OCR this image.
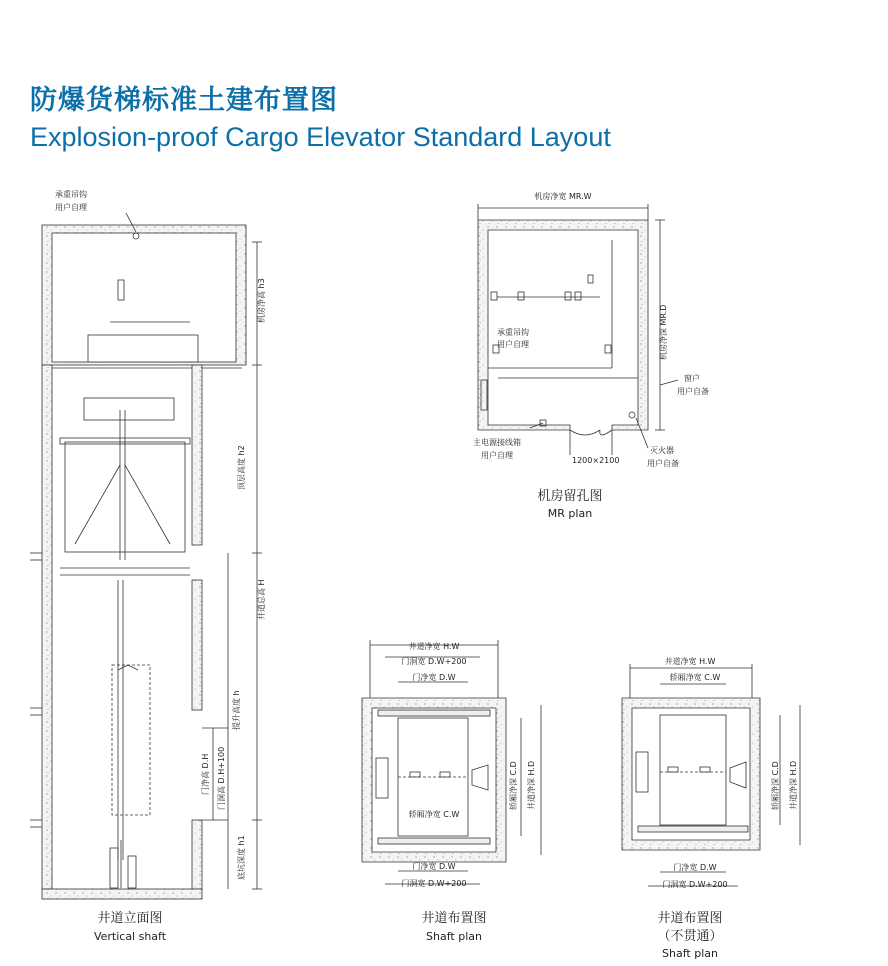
防爆货梯标准土建布置图
Explosion-proof Cargo Elevator Standard Layout
承重吊钩
用户自理
机房净高 h3
顶层高度 h2
井道总高 H
提升高度 h
门净高 D.H 门洞高 D.H+100
底坑深度 h1
井道立面图
Vertical shaft
机房净宽 MR.W
机房净深 MR.D
承重吊钩
用户自理
窗户
用户自备
主电源接线箱
用户自理
1200×2100
灭火器
用户自备
机房留孔图
MR plan
井道净宽 H.W
门洞宽 D.W+200
门净宽 D.W
轿厢净深 C.D 井道净深 H.D
轿厢净宽 C.W
门净宽 D.W
门洞宽 D.W+200
井道布置图
Shaft plan
井道净宽 H.W
轿厢净宽 C.W
轿厢净深 C.D 井道净深 H.D
门净宽 D.W
门洞宽 D.W+200
井道布置图
（不贯通）
Shaft plan
